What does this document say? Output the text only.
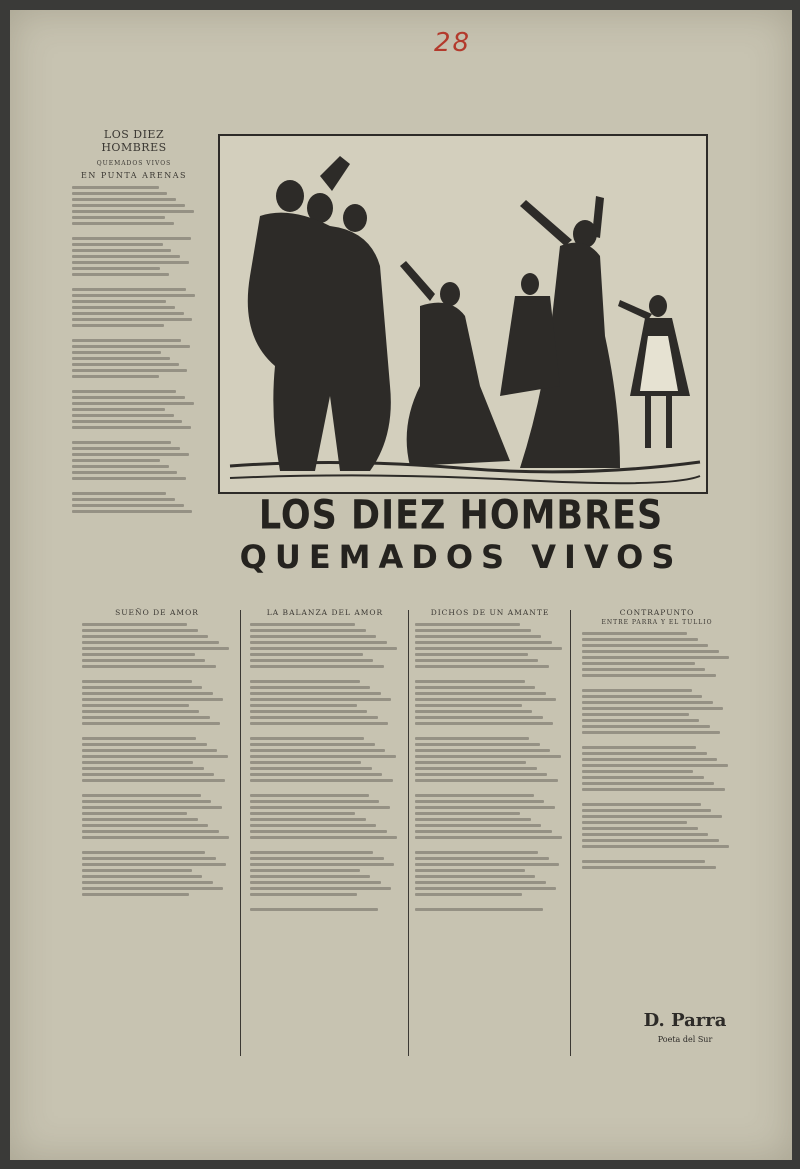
28
LOS DIEZ HOMBRES
QUEMADOS VIVOS
EN PUNTA ARENAS
LOS DIEZ HOMBRES
QUEMADOS VIVOS
SUEÑO DE AMOR	LA BALANZA DEL AMOR	DICHOS DE UN AMANTE	CONTRAPUNTO
ENTRE PARRA Y EL TULLIO
D. Parra
Poeta del Sur
